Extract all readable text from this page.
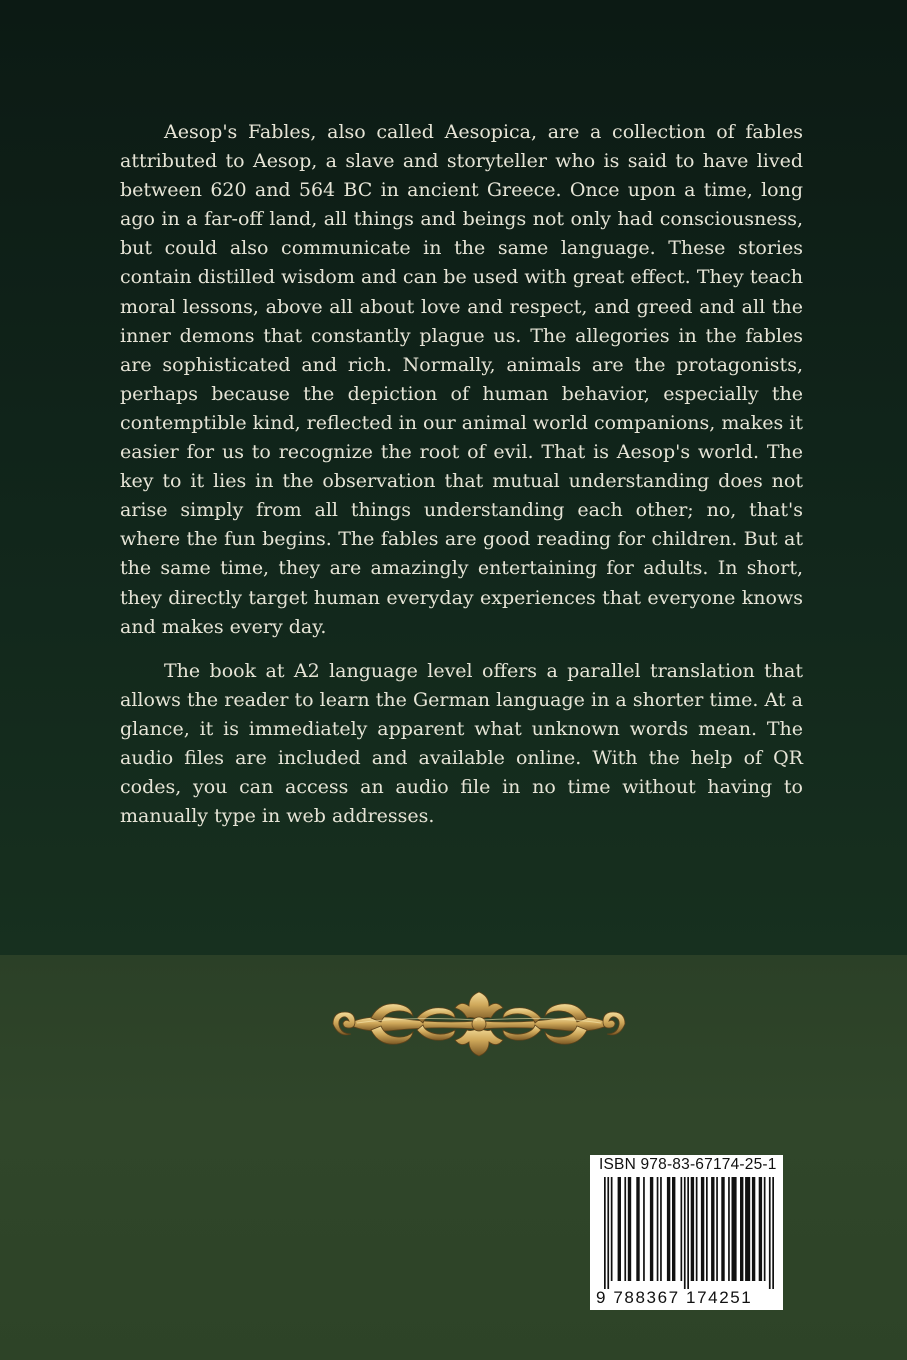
Aesop's Fables, also called Aesopica, are a collection of fables attributed to Aesop, a slave and storyteller who is said to have lived between 620 and 564 BC in ancient Greece. Once upon a time, long ago in a far-off land, all things and beings not only had consciousness, but could also communicate in the same language. These stories contain distilled wisdom and can be used with great effect. They teach moral lessons, above all about love and respect, and greed and all the inner demons that constantly plague us. The allegories in the fables are sophisticated and rich. Normally, animals are the protagonists, perhaps because the depiction of human behavior, especially the contemptible kind, reflected in our animal world companions, makes it easier for us to recognize the root of evil. That is Aesop's world. The key to it lies in the observation that mutual understanding does not arise simply from all things understanding each other; no, that's where the fun begins. The fables are good reading for children. But at the same time, they are amazingly entertaining for adults. In short, they directly target human everyday experiences that everyone knows and makes every day.

The book at A2 language level offers a parallel translation that allows the reader to learn the German language in a shorter time. At a glance, it is immediately apparent what unknown words mean. The audio files are included and available online. With the help of QR codes, you can access an audio file in no time without having to manually type in web addresses.

ISBN 978-83-67174-25-1
9 788367 174251
